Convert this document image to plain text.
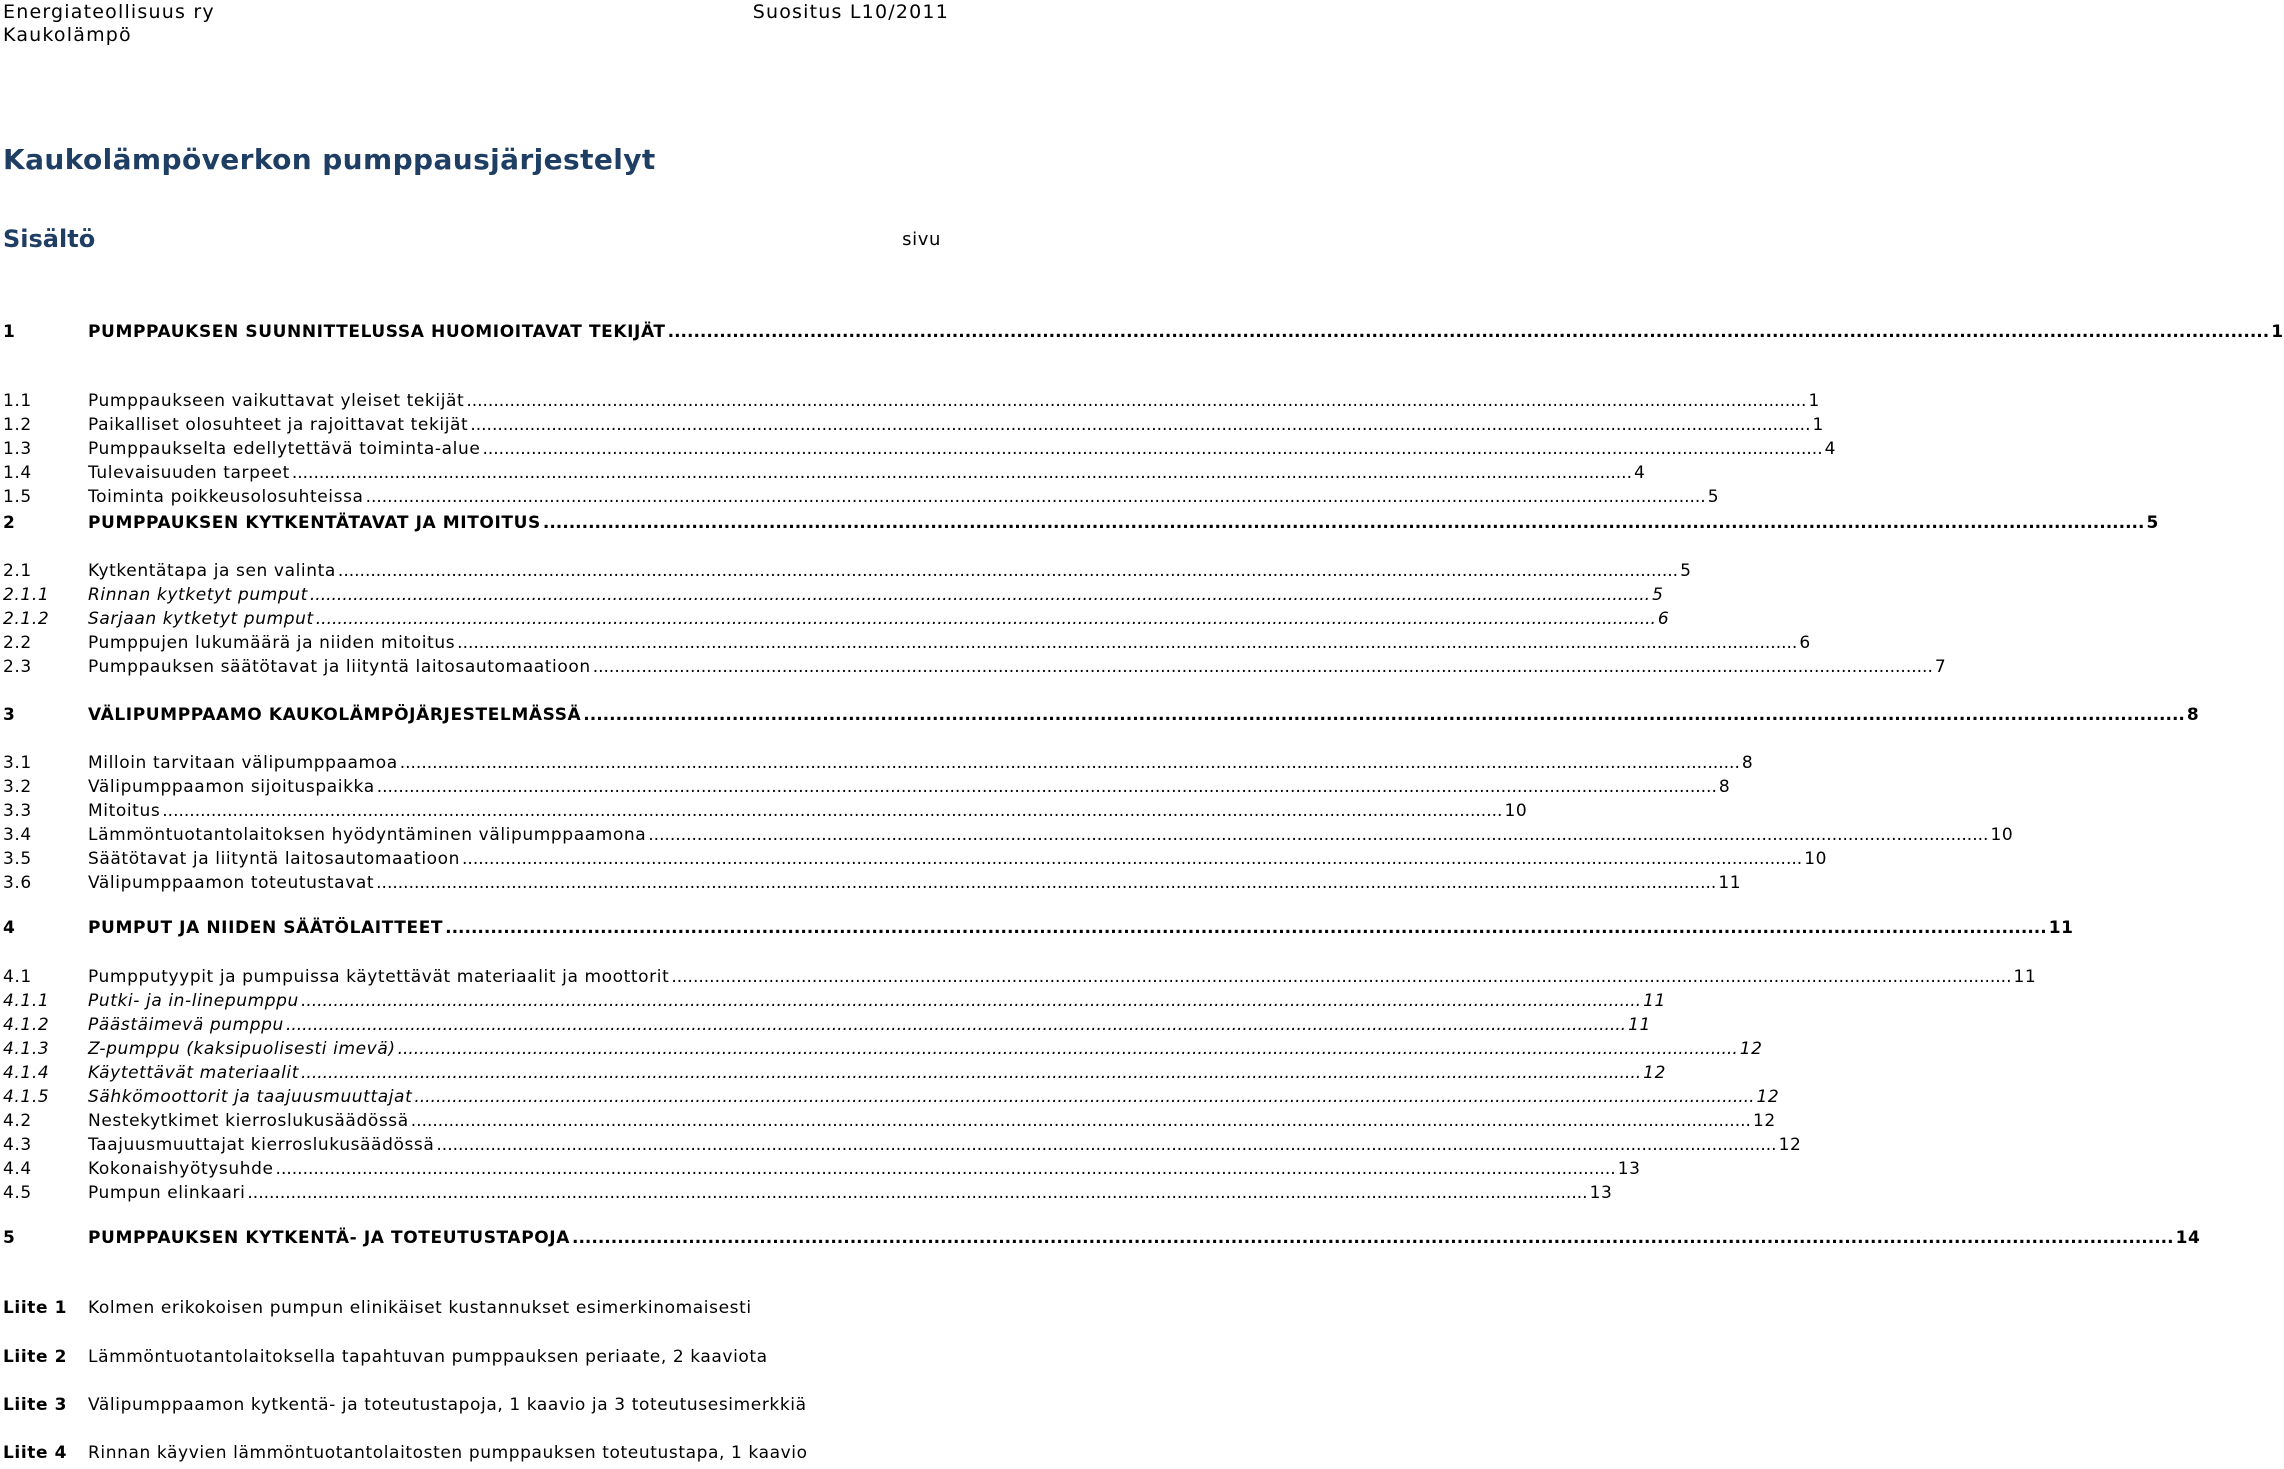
Energiateollisuus ry
Kaukolämpö
Suositus L10/2011
Kaukolämpöverkon pumppausjärjestelyt
Sisältö	sivu
1	PUMPPAUKSEN SUUNNITTELUSSA HUOMIOITAVAT TEKIJÄT .....	1
1.1	Pumppaukseen vaikuttavat yleiset tekijät .....	1
1.2	Paikalliset olosuhteet ja rajoittavat tekijät .....	1
1.3	Pumppaukselta edellytettävä toiminta-alue .....	4
1.4	Tulevaisuuden tarpeet .....	4
1.5	Toiminta poikkeusolosuhteissa .....	5
2	PUMPPAUKSEN KYTKENTÄTAVAT JA MITOITUS .....	5
2.1	Kytkentätapa ja sen valinta .....	5
2.1.1	Rinnan kytketyt pumput .....	5
2.1.2	Sarjaan kytketyt pumput .....	6
2.2	Pumppujen lukumäärä ja niiden mitoitus .....	6
2.3	Pumppauksen säätötavat ja liityntä laitosautomaatioon .....	7
3	VÄLIPUMPPAAMO KAUKOLÄMPÖJÄRJESTELMÄSSÄ .....	8
3.1	Milloin tarvitaan välipumppaamoa .....	8
3.2	Välipumppaamon sijoituspaikka .....	8
3.3	Mitoitus .....	10
3.4	Lämmöntuotantolaitoksen hyödyntäminen välipumppaamona .....	10
3.5	Säätötavat ja liityntä laitosautomaatioon .....	10
3.6	Välipumppaamon toteutustavat .....	11
4	PUMPUT JA NIIDEN SÄÄTÖLAITTEET .....	11
4.1	Pumpputyypit ja pumpuissa käytettävät materiaalit ja moottorit .....	11
4.1.1	Putki- ja in-linepumppu .....	11
4.1.2	Päästäimevä pumppu .....	11
4.1.3	Z-pumppu (kaksipuolisesti imevä) .....	12
4.1.4	Käytettävät materiaalit .....	12
4.1.5	Sähkömoottorit ja taajuusmuuttajat .....	12
4.2	Nestekytkimet kierroslukusäädössä .....	12
4.3	Taajuusmuuttajat kierroslukusäädössä .....	12
4.4	Kokonaishyötysuhde .....	13
4.5	Pumpun elinkaari .....	13
5	PUMPPAUKSEN KYTKENTÄ- JA TOTEUTUSTAPOJA .....	14
Liite 1	Kolmen erikokoisen pumpun elinikäiset kustannukset esimerkinomaisesti
Liite 2	Lämmöntuotantolaitoksella tapahtuvan pumppauksen periaate, 2 kaaviota
Liite 3	Välipumppaamon kytkentä- ja toteutustapoja, 1 kaavio ja 3 toteutusesimerkkiä
Liite 4	Rinnan käyvien lämmöntuotantolaitosten pumppauksen toteutustapa, 1 kaavio
